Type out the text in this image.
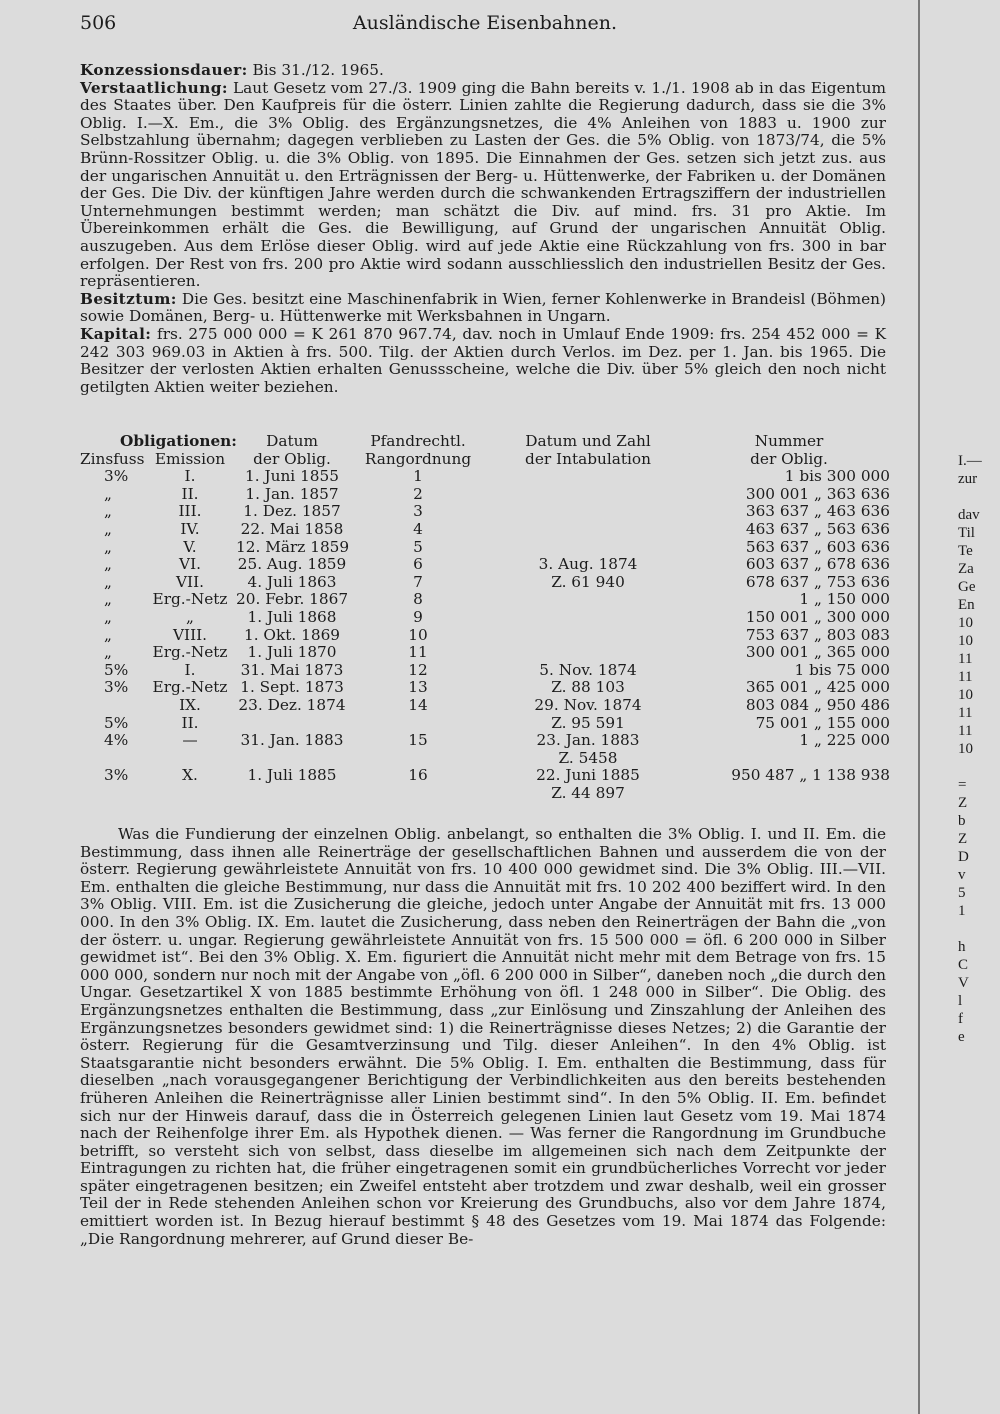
506	Ausländische Eisenbahnen.

Konzessionsdauer: Bis 31./12. 1965.

Verstaatlichung: Laut Gesetz vom 27./3. 1909 ging die Bahn bereits v. 1./1. 1908 ab in das Eigentum des Staates über. Den Kaufpreis für die österr. Linien zahlte die Regierung dadurch, dass sie die 3% Oblig. I.—X. Em., die 3% Oblig. des Ergänzungsnetzes, die 4% Anleihen von 1883 u. 1900 zur Selbstzahlung übernahm; dagegen verblieben zu Lasten der Ges. die 5% Oblig. von 1873/74, die 5% Brünn-Rossitzer Oblig. u. die 3% Oblig. von 1895. Die Einnahmen der Ges. setzen sich jetzt zus. aus der ungarischen Annuität u. den Erträgnissen der Berg- u. Hüttenwerke, der Fabriken u. der Domänen der Ges. Die Div. der künftigen Jahre werden durch die schwankenden Ertragsziffern der industriellen Unternehmungen bestimmt werden; man schätzt die Div. auf mind. frs. 31 pro Aktie. Im Übereinkommen erhält die Ges. die Bewilligung, auf Grund der ungarischen Annuität Oblig. auszugeben. Aus dem Erlöse dieser Oblig. wird auf jede Aktie eine Rückzahlung von frs. 300 in bar erfolgen. Der Rest von frs. 200 pro Aktie wird sodann ausschliesslich den industriellen Besitz der Ges. repräsentieren.

Besitztum: Die Ges. besitzt eine Maschinenfabrik in Wien, ferner Kohlenwerke in Brandeisl (Böhmen) sowie Domänen, Berg- u. Hüttenwerke mit Werksbahnen in Ungarn.

Kapital: frs. 275 000 000 = K 261 870 967.74, dav. noch in Umlauf Ende 1909: frs. 254 452 000 = K 242 303 969.03 in Aktien à frs. 500. Tilg. der Aktien durch Verlos. im Dez. per 1. Jan. bis 1965. Die Besitzer der verlosten Aktien erhalten Genussscheine, welche die Div. über 5% gleich den noch nicht getilgten Aktien weiter beziehen.

Obligationen:		Datum	Pfandrechtl.	Datum und Zahl	Nummer
Zinsfuss	Emission	der Oblig.	Rangordnung	der Intabulation	der Oblig.
3%	I.	1. Juni 1855	1		1 bis 300 000
„	II.	1. Jan. 1857	2		300 001 „ 363 636
„	III.	1. Dez. 1857	3		363 637 „ 463 636
„	IV.	22. Mai 1858	4		463 637 „ 563 636
„	V.	12. März 1859	5		563 637 „ 603 636
„	VI.	25. Aug. 1859	6	3. Aug. 1874	603 637 „ 678 636
„	VII.	4. Juli 1863	7	Z. 61 940	678 637 „ 753 636
„	Erg.-Netz	20. Febr. 1867	8		1 „ 150 000
„	„	1. Juli 1868	9		150 001 „ 300 000
„	VIII.	1. Okt. 1869	10		753 637 „ 803 083
„	Erg.-Netz	1. Juli 1870	11		300 001 „ 365 000
5%	I.	31. Mai 1873	12	5. Nov. 1874	1 bis 75 000
3%	Erg.-Netz	1. Sept. 1873	13	Z. 88 103	365 001 „ 425 000
	IX.	23. Dez. 1874	14	29. Nov. 1874	803 084 „ 950 486
5%	II.			Z. 95 591	75 001 „ 155 000
4%	—	31. Jan. 1883	15	23. Jan. 1883	1 „ 225 000
				Z. 5458	
3%	X.	1. Juli 1885	16	22. Juni 1885	950 487 „ 1 138 938
				Z. 44 897	

Was die Fundierung der einzelnen Oblig. anbelangt, so enthalten die 3% Oblig. I. und II. Em. die Bestimmung, dass ihnen alle Reinerträge der gesellschaftlichen Bahnen und ausserdem die von der österr. Regierung gewährleistete Annuität von frs. 10 400 000 gewidmet sind. Die 3% Oblig. III.—VII. Em. enthalten die gleiche Bestimmung, nur dass die Annuität mit frs. 10 202 400 beziffert wird. In den 3% Oblig. VIII. Em. ist die Zusicherung die gleiche, jedoch unter Angabe der Annuität mit frs. 13 000 000. In den 3% Oblig. IX. Em. lautet die Zusicherung, dass neben den Reinerträgen der Bahn die „von der österr. u. ungar. Regierung gewährleistete Annuität von frs. 15 500 000 = öfl. 6 200 000 in Silber gewidmet ist“. Bei den 3% Oblig. X. Em. figuriert die Annuität nicht mehr mit dem Betrage von frs. 15 000 000, sondern nur noch mit der Angabe von „öfl. 6 200 000 in Silber“, daneben noch „die durch den Ungar. Gesetzartikel X von 1885 bestimmte Erhöhung von öfl. 1 248 000 in Silber“. Die Oblig. des Ergänzungsnetzes enthalten die Bestimmung, dass „zur Einlösung und Zinszahlung der Anleihen des Ergänzungsnetzes besonders gewidmet sind: 1) die Reinerträgnisse dieses Netzes; 2) die Garantie der österr. Regierung für die Gesamtverzinsung und Tilg. dieser Anleihen“. In den 4% Oblig. ist Staatsgarantie nicht besonders erwähnt. Die 5% Oblig. I. Em. enthalten die Bestimmung, dass für dieselben „nach vorausgegangener Berichtigung der Verbindlichkeiten aus den bereits bestehenden früheren Anleihen die Reinerträgnisse aller Linien bestimmt sind“. In den 5% Oblig. II. Em. befindet sich nur der Hinweis darauf, dass die in Österreich gelegenen Linien laut Gesetz vom 19. Mai 1874 nach der Reihenfolge ihrer Em. als Hypothek dienen. — Was ferner die Rangordnung im Grundbuche betrifft, so versteht sich von selbst, dass dieselbe im allgemeinen sich nach dem Zeitpunkte der Eintragungen zu richten hat, die früher eingetragenen somit ein grundbücherliches Vorrecht vor jeder später eingetragenen besitzen; ein Zweifel entsteht aber trotzdem und zwar deshalb, weil ein grosser Teil der in Rede stehenden Anleihen schon vor Kreierung des Grundbuchs, also vor dem Jahre 1874, emittiert worden ist. In Bezug hierauf bestimmt § 48 des Gesetzes vom 19. Mai 1874 das Folgende: „Die Rangordnung mehrerer, auf Grund dieser Be-

I.—
zur
dav
Til
Te
Za
Ge
En
10
10
11
11
10
11
11
10
=
Z
b
Z
D
v
5
1
h
C
V
l
f
e
